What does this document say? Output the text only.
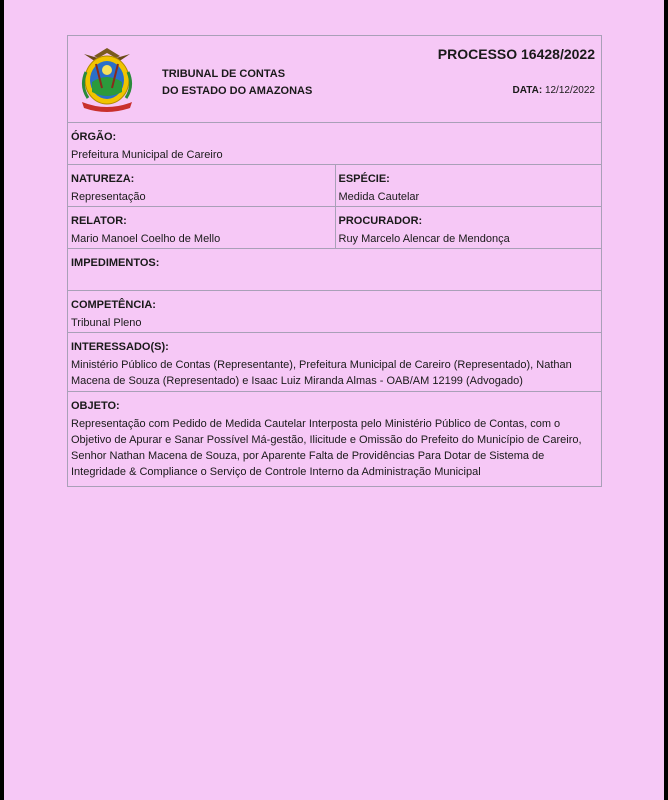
TRIBUNAL DE CONTAS
DO ESTADO DO AMAZONAS
PROCESSO 16428/2022
DATA: 12/12/2022
ÓRGÃO:
Prefeitura Municipal de Careiro
NATUREZA:
Representação
ESPÉCIE:
Medida Cautelar
RELATOR:
Mario Manoel Coelho de Mello
PROCURADOR:
Ruy Marcelo Alencar de Mendonça
IMPEDIMENTOS:
COMPETÊNCIA:
Tribunal Pleno
INTERESSADO(S):
Ministério Público de Contas (Representante), Prefeitura Municipal de Careiro (Representado), Nathan Macena de Souza (Representado) e Isaac Luiz Miranda Almas - OAB/AM 12199 (Advogado)
OBJETO:
Representação com Pedido de Medida Cautelar Interposta pelo Ministério Público de Contas, com o Objetivo de Apurar e Sanar Possível Má-gestão, Ilicitude e Omissão do Prefeito do Município de Careiro, Senhor Nathan Macena de Souza, por Aparente Falta de Providências Para Dotar de Sistema de Integridade & Compliance o Serviço de Controle Interno da Administração Municipal
